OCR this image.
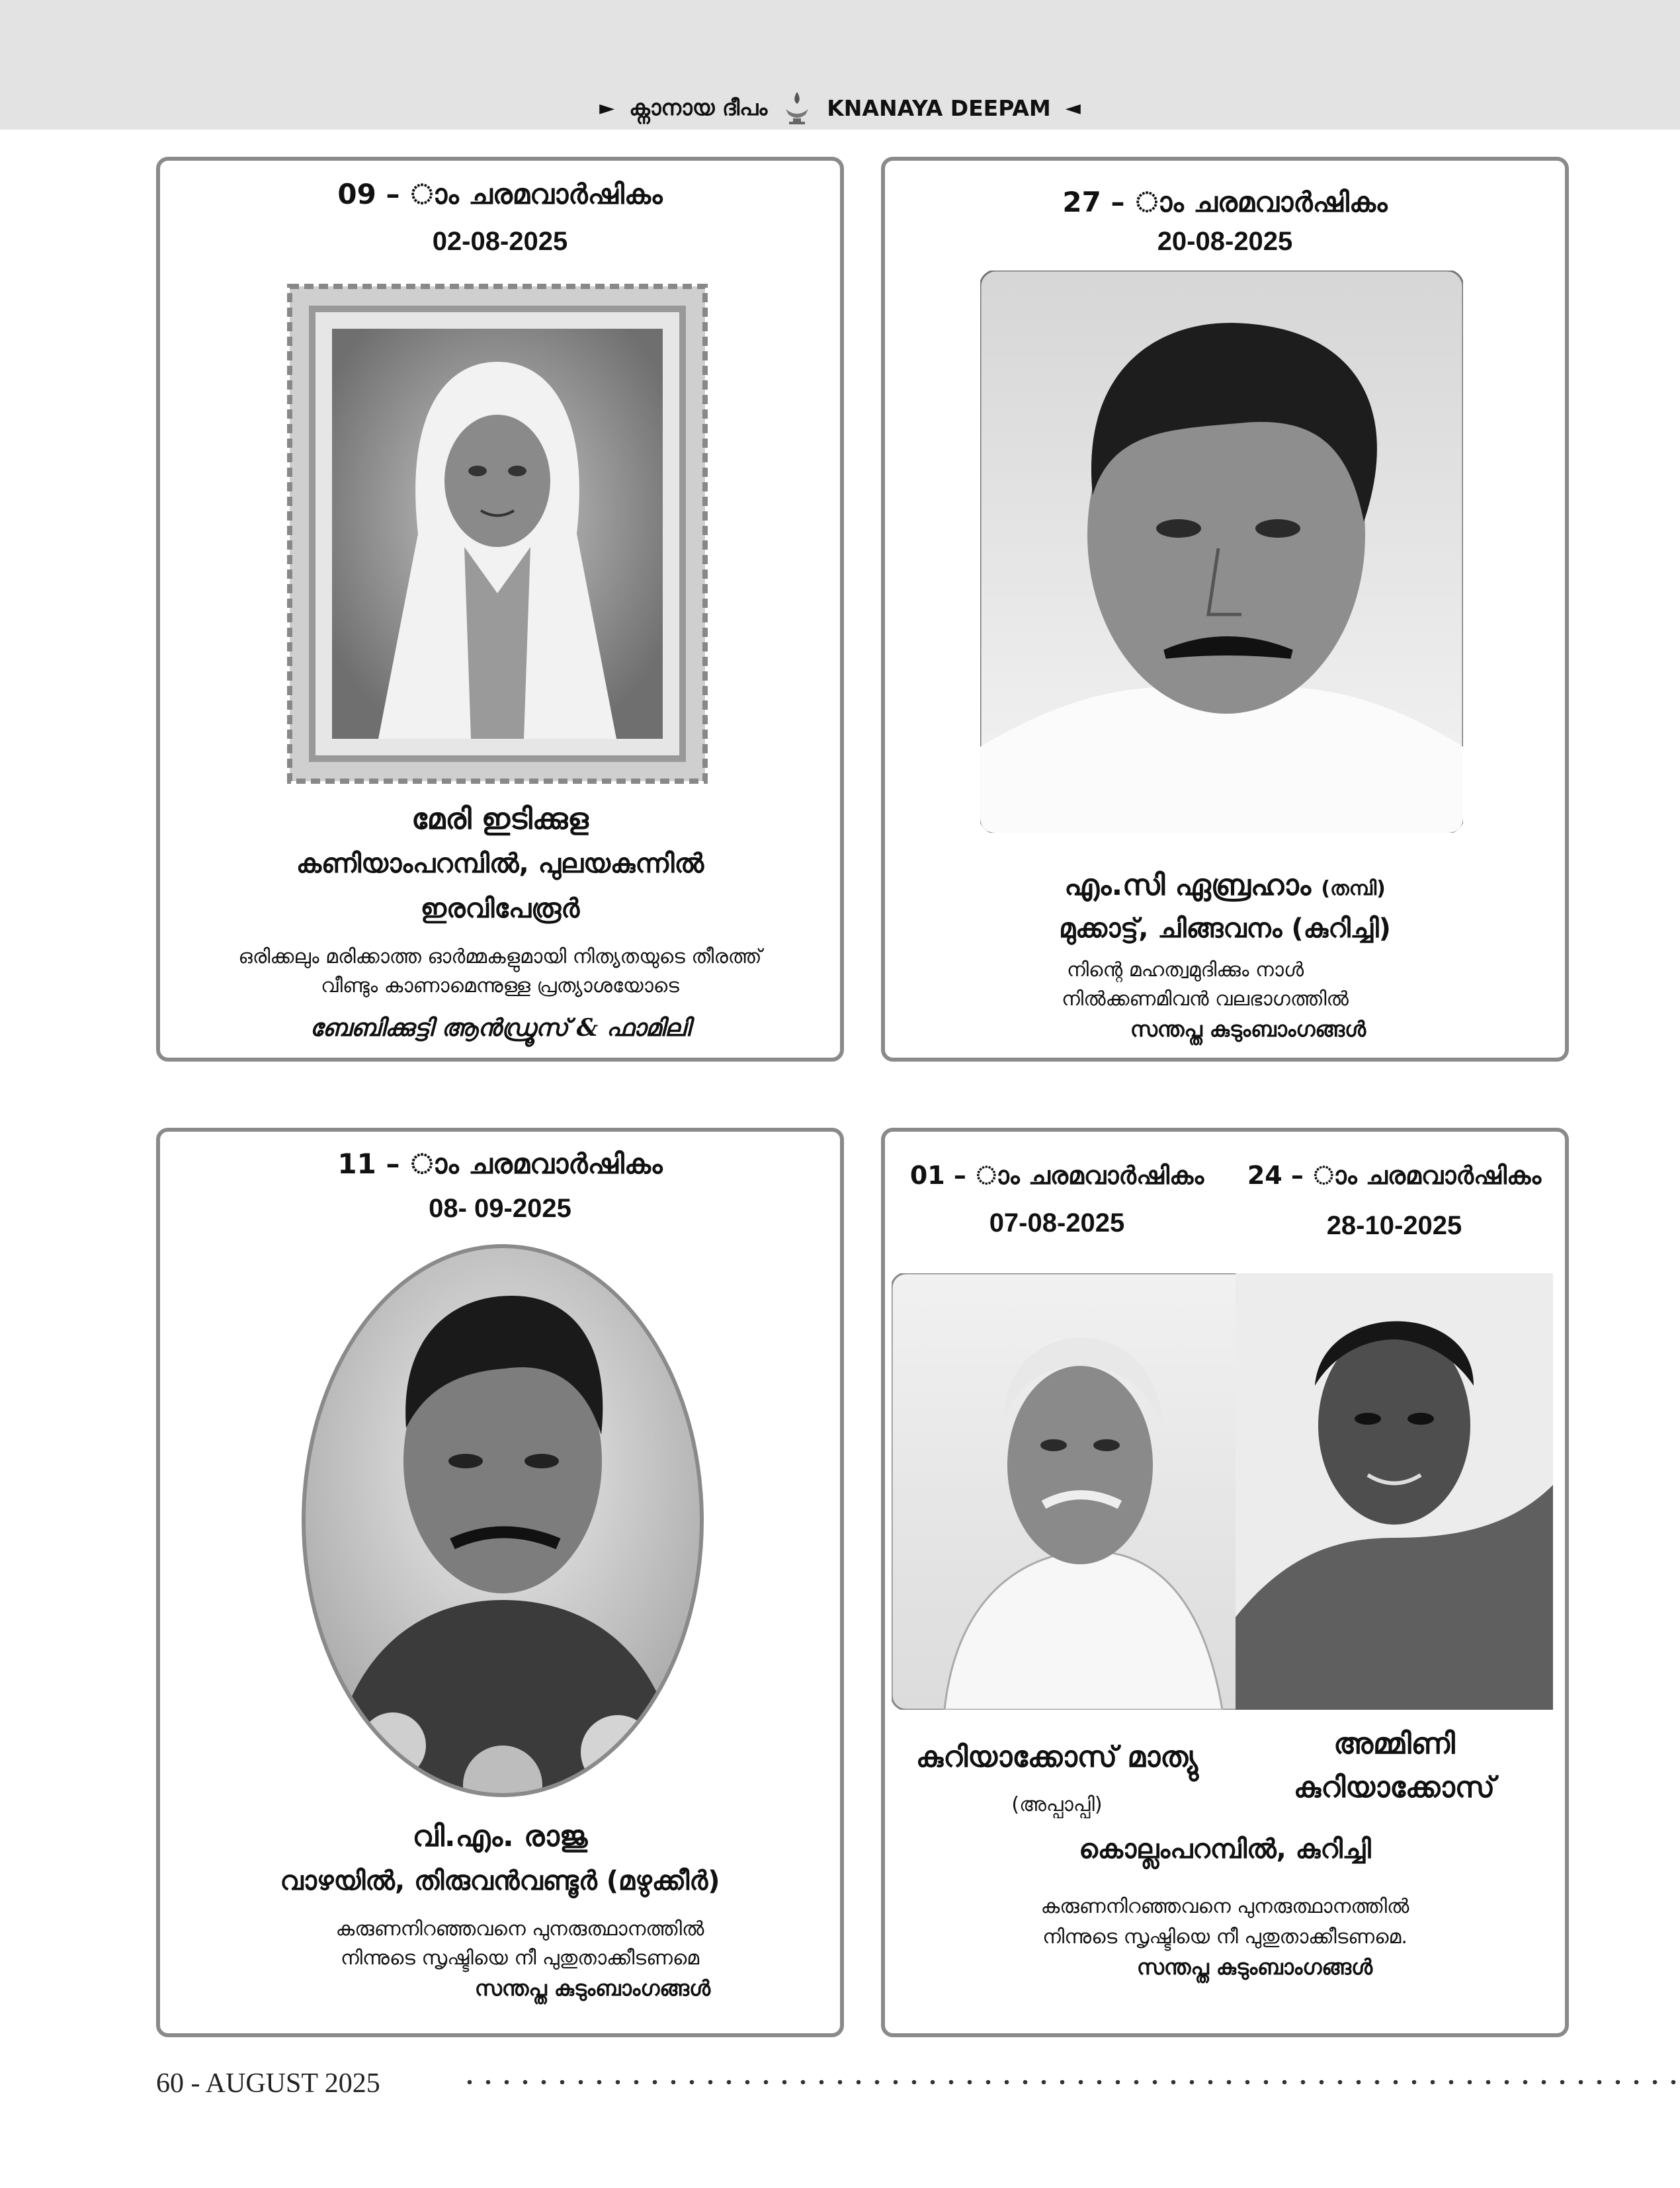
► ക്നാനായ ദീപം	KNANAYA DEEPAM ◄
09 – ാം ചരമവാർഷികം
02-08-2025
മേരി ഇടിക്കുള
കണിയാംപറമ്പിൽ, പുലയകുന്നിൽ
ഇരവിപേരൂർ
ഒരിക്കലും മരിക്കാത്ത ഓർമ്മകളുമായി നിത്യതയുടെ തീരത്ത്
വീണ്ടും കാണാമെന്നുള്ള പ്രത്യാശയോടെ
ബേബിക്കുട്ടി ആൻഡ്രൂസ് & ഫാമിലി
27 – ാം ചരമവാർഷികം
20-08-2025
എം.സി ഏബ്രഹാം (തമ്പി)
മുക്കാട്ട്, ചിങ്ങവനം (കുറിച്ചി)
നിന്റെ മഹത്വമുദിക്കും നാൾ
നിൽക്കണമിവൻ വലഭാഗത്തിൽ
സന്തപ്ത കുടുംബാംഗങ്ങൾ
11 – ാം ചരമവാർഷികം
08- 09-2025
വി.എം. രാജു
വാഴയിൽ, തിരുവൻവണ്ടൂർ (മഴുക്കീർ)
കരുണനിറഞ്ഞവനെ പുനരുത്ഥാനത്തിൽ
നിന്നുടെ സൃഷ്ടിയെ നീ പുതുതാക്കീടണമെ
സന്തപ്ത കുടുംബാംഗങ്ങൾ
01 – ാം ചരമവാർഷികം
07-08-2025
24 – ാം ചരമവാർഷികം
28-10-2025
കുറിയാക്കോസ് മാത്യു
(അപ്പാപ്പി)
അമ്മിണി
കുറിയാക്കോസ്
കൊല്ലംപറമ്പിൽ, കുറിച്ചി
കരുണനിറഞ്ഞവനെ പുനരുത്ഥാനത്തിൽ
നിന്നുടെ സൃഷ്ടിയെ നീ പുതുതാക്കീടണമെ.
സന്തപ്ത കുടുംബാംഗങ്ങൾ
60 - AUGUST 2025
